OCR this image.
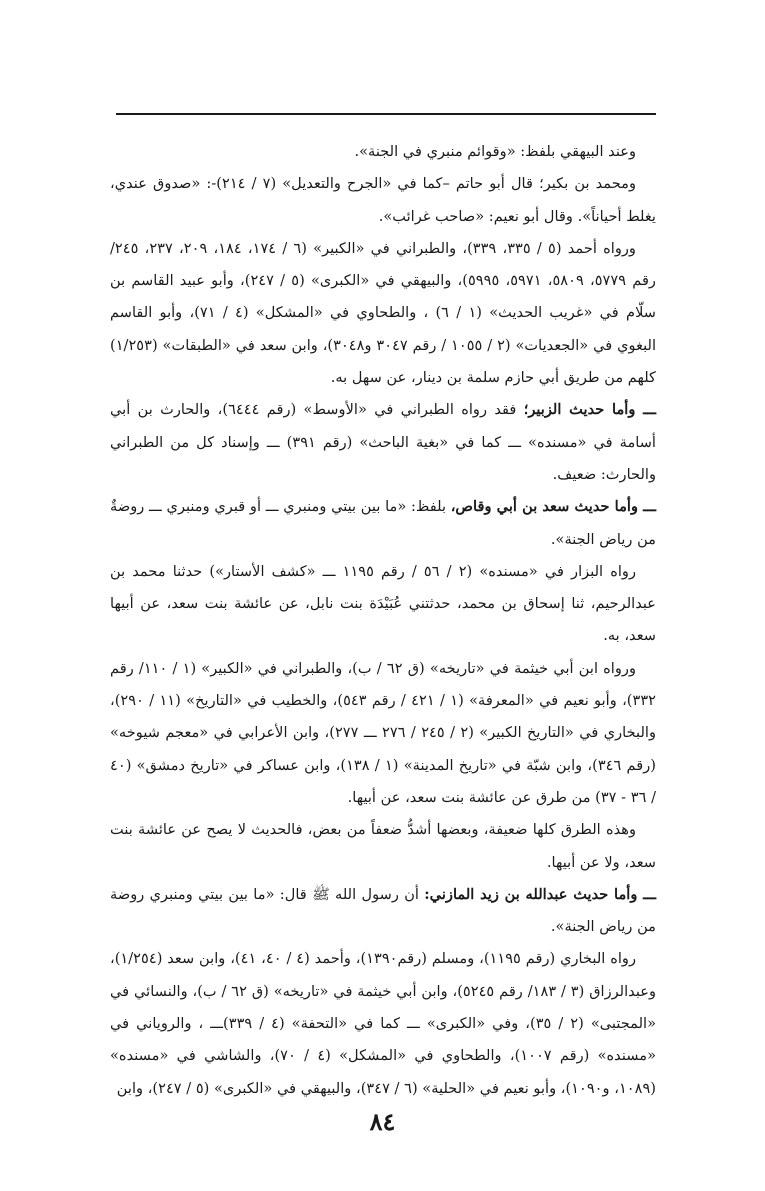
وعند البيهقي بلفظ: «وقوائم منبري في الجنة».

ومحمد بن بكير؛ قال أبو حاتم –كما في «الجرح والتعديل» (٧ / ٢١٤)-: «صدوق عندي، يغلط أحياناً». وقال أبو نعيم: «صاحب غرائب».

ورواه أحمد (٥ / ٣٣٥، ٣٣٩)، والطبراني في «الكبير» (٦ / ١٧٤، ١٨٤، ٢٠٩، ٢٣٧، ٢٤٥/ رقم ٥٧٧٩، ٥٨٠٩، ٥٩٧١، ٥٩٩٥)، والبيهقي في «الكبرى» (٥ / ٢٤٧)، وأبو عبيد القاسم بن سلّام في «غريب الحديث» (١ / ٦) ، والطحاوي في «المشكل» (٤ / ٧١)، وأبو القاسم البغوي في «الجعديات» (٢ / ١٠٥٥ / رقم ٣٠٤٧ و٣٠٤٨)، وابن سعد في «الطبقات» (١/٢٥٣) كلهم من طريق أبي حازم سلمة بن دينار، عن سهل به.

ـــ وأما حديث الزبير؛ فقد رواه الطبراني في «الأوسط» (رقم ٦٤٤٤)، والحارث بن أبي أسامة في «مسنده» ـــ كما في «بغية الباحث» (رقم ٣٩١) ـــ وإسناد كل من الطبراني والحارث: ضعيف.

ـــ وأما حديث سعد بن أبي وقاص، بلفظ: «ما بين بيتي ومنبري ـــ أو قبري ومنبري ـــ روضةٌ من رياض الجنة».

رواه البزار في «مسنده» (٢ / ٥٦ / رقم ١١٩٥ ـــ «كشف الأستار») حدثنا محمد بن عبدالرحيم، ثنا إسحاق بن محمد، حدثتني عُبَيْدَة بنت نابل، عن عائشة بنت سعد، عن أبيها سعد، به.

ورواه ابن أبي خيثمة في «تاريخه» (ق ٦٢ / ب)، والطبراني في «الكبير» (١ / ١١٠/ رقم ٣٣٢)، وأبو نعيم في «المعرفة» (١ / ٤٢١ / رقم ٥٤٣)، والخطيب في «التاريخ» (١١ / ٢٩٠)، والبخاري في «التاريخ الكبير» (٢ / ٢٤٥ / ٢٧٦ ـــ ٢٧٧)، وابن الأعرابي في «معجم شيوخه» (رقم ٣٤٦)، وابن شبّة في «تاريخ المدينة» (١ / ١٣٨)، وابن عساكر في «تاريخ دمشق» (٤٠ / ٣٦ - ٣٧) من طرق عن عائشة بنت سعد، عن أبيها.

وهذه الطرق كلها ضعيفة، وبعضها أشدُّ ضعفاً من بعض، فالحديث لا يصح عن عائشة بنت سعد، ولا عن أبيها.

ـــ وأما حديث عبدالله بن زيد المازني: أن رسول الله ﷺ قال: «ما بين بيتي ومنبري روضة من رياض الجنة».

رواه البخاري (رقم ١١٩٥)، ومسلم (رقم١٣٩٠)، وأحمد (٤ / ٤٠، ٤١)، وابن سعد (١/٢٥٤)، وعبدالرزاق (٣ / ١٨٣/ رقم ٥٢٤٥)، وابن أبي خيثمة في «تاريخه» (ق ٦٢ / ب)، والنسائي في «المجتبى» (٢ / ٣٥)، وفي «الكبرى» ـــ كما في «التحفة» (٤ / ٣٣٩)ـــ ، والروياني في «مسنده» (رقم ١٠٠٧)، والطحاوي في «المشكل» (٤ / ٧٠)، والشاشي في «مسنده» (١٠٨٩، و١٠٩٠)، وأبو نعيم في «الحلية» (٦ / ٣٤٧)، والبيهقي في «الكبرى» (٥ / ٢٤٧)، وابن

٨٤
